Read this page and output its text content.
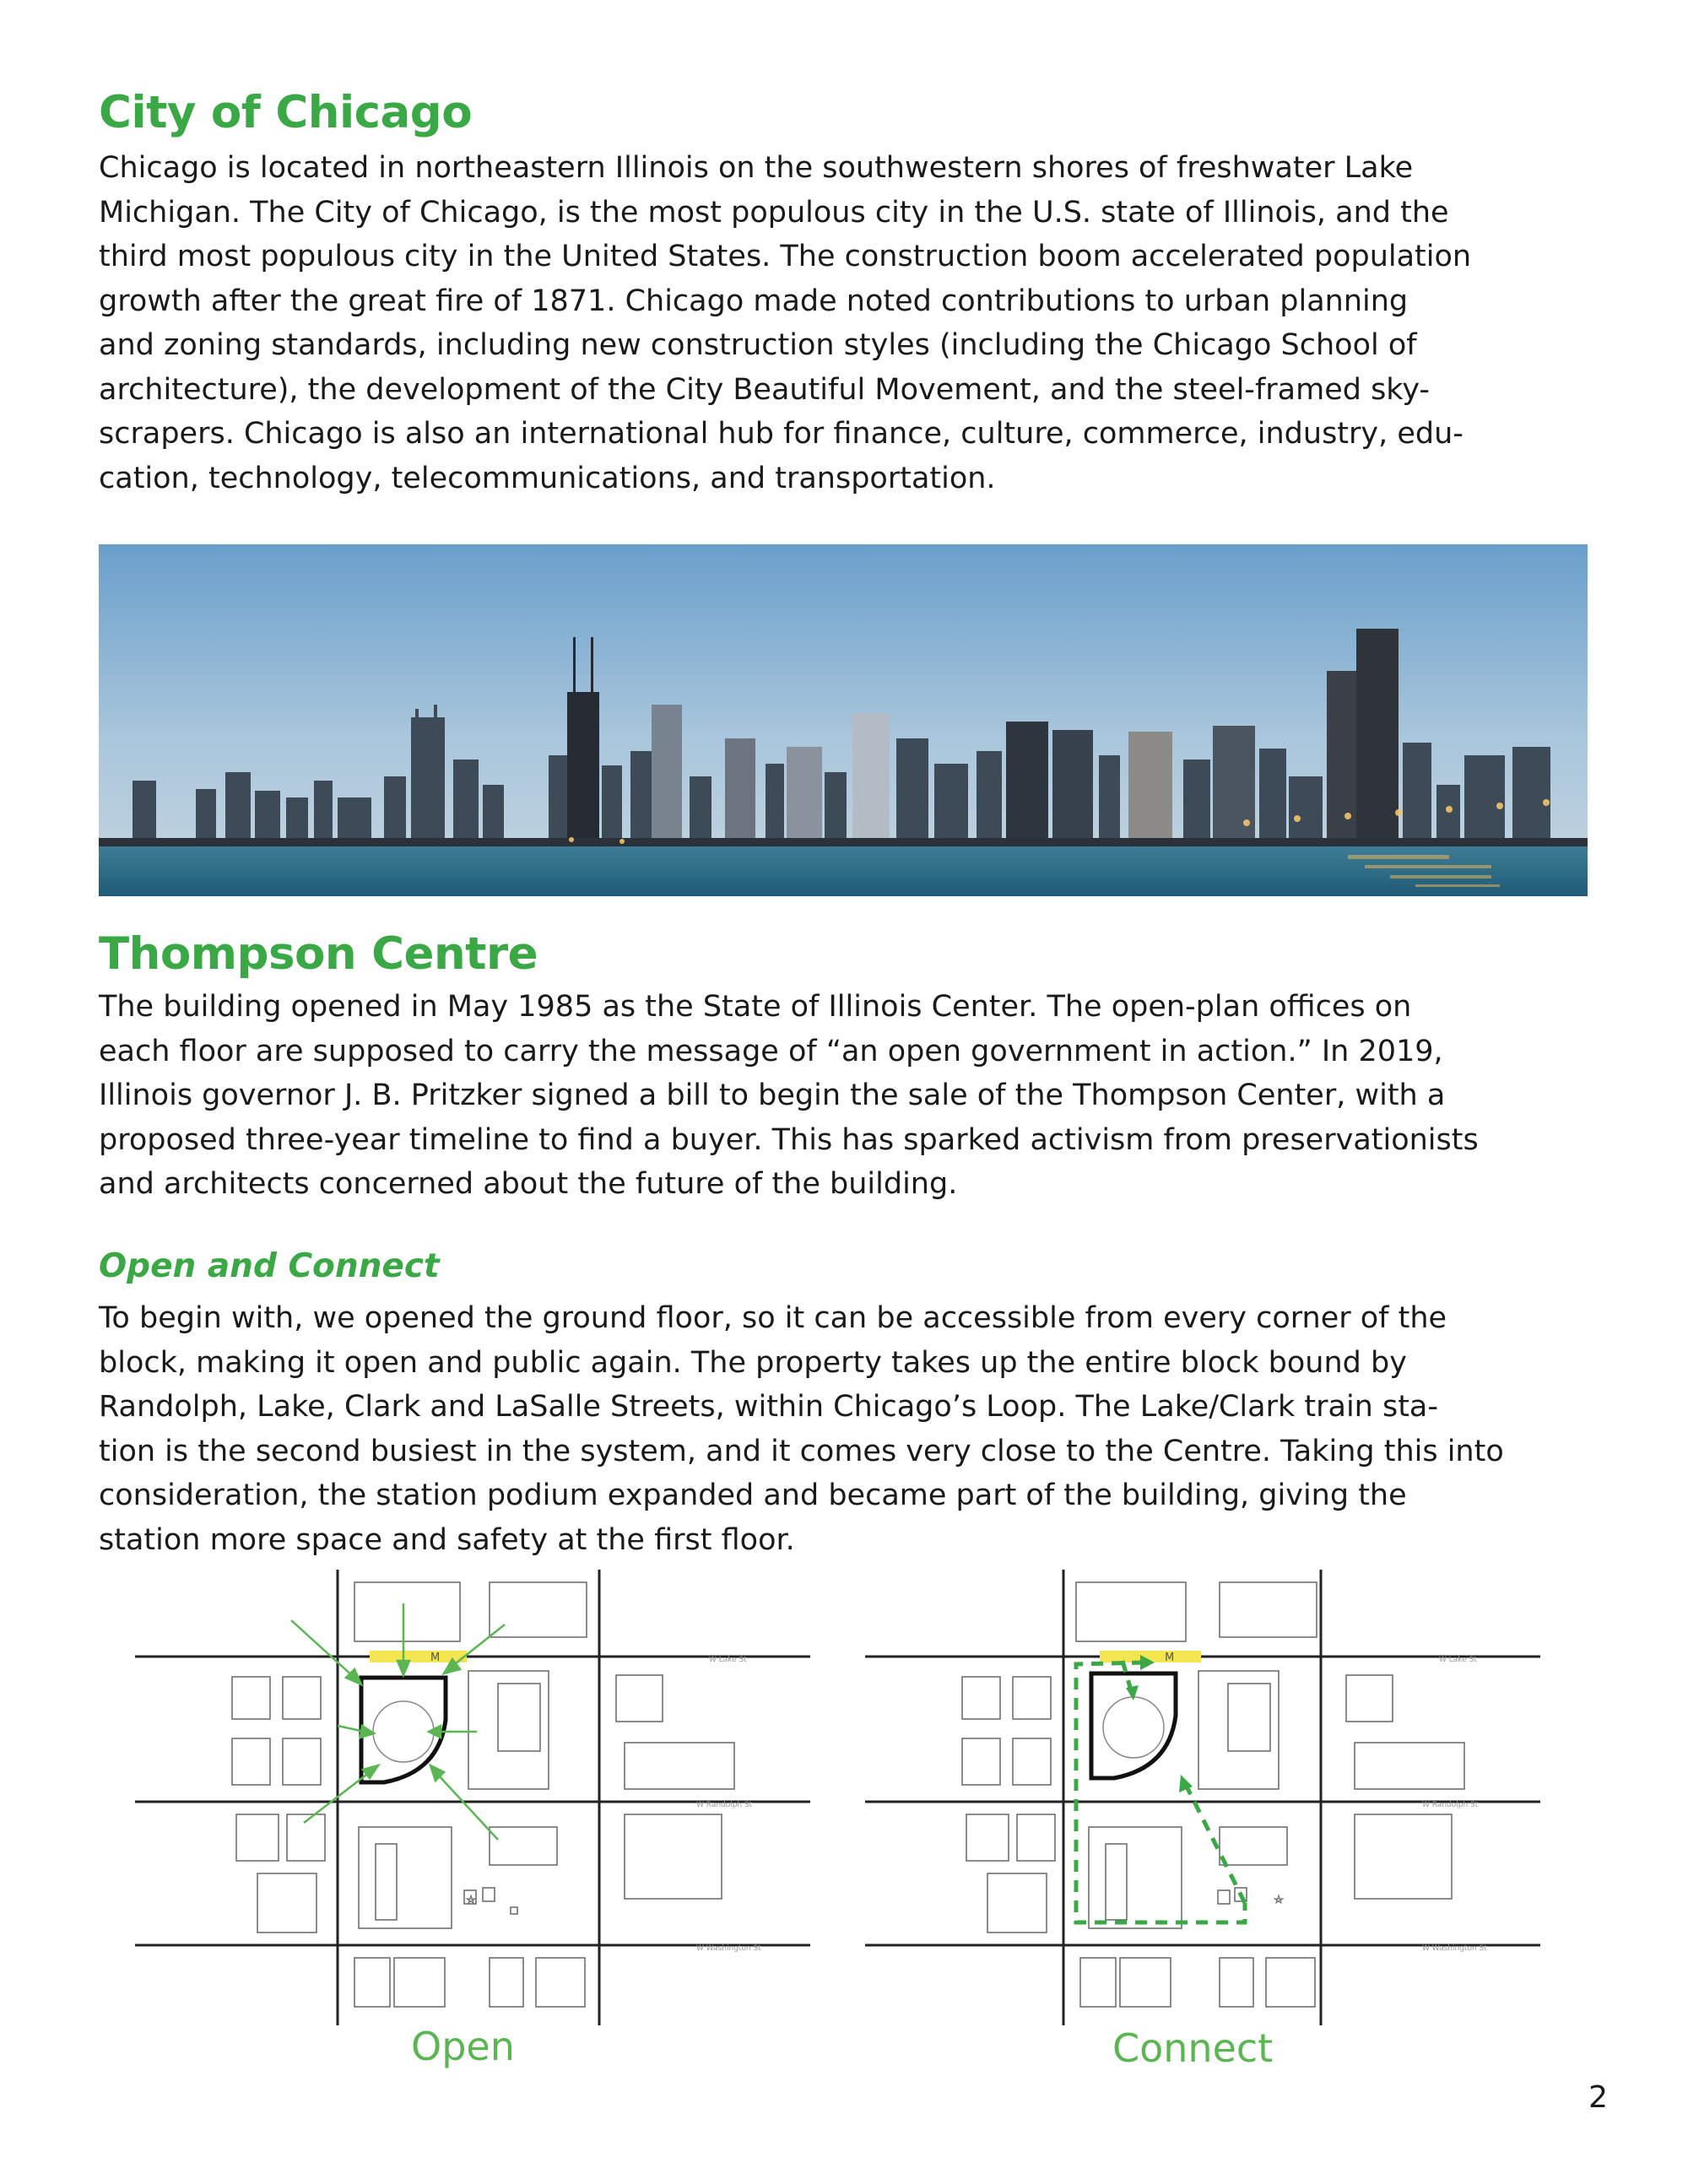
City of Chicago

Chicago is located in northeastern Illinois on the southwestern shores of freshwater Lake
Michigan. The City of Chicago, is the most populous city in the U.S. state of Illinois, and the
third most populous city in the United States. The construction boom accelerated population
growth after the great fire of 1871. Chicago made noted contributions to urban planning
and zoning standards, including new construction styles (including the Chicago School of
architecture), the development of the City Beautiful Movement, and the steel-framed sky-
scrapers. Chicago is also an international hub for finance, culture, commerce, industry, edu-
cation, technology, telecommunications, and transportation.

Thompson Centre

The building opened in May 1985 as the State of Illinois Center. The open-plan offices on
each floor are supposed to carry the message of “an open government in action.” In 2019,
Illinois governor J. B. Pritzker signed a bill to begin the sale of the Thompson Center, with a
proposed three-year timeline to find a buyer. This has sparked activism from preservationists
and architects concerned about the future of the building.

Open and Connect

To begin with, we opened the ground floor, so it can be accessible from every corner of the
block, making it open and public again. The property takes up the entire block bound by
Randolph, Lake, Clark and LaSalle Streets, within Chicago’s Loop. The Lake/Clark train sta-
tion is the second busiest in the system, and it comes very close to the Centre. Taking this into
consideration, the station podium expanded and became part of the building, giving the
station more space and safety at the first floor.

M	W Lake St
W Randolph St
W Washington St
Open
M	W Lake St
W Randolph St
W Washington St
Connect
2
